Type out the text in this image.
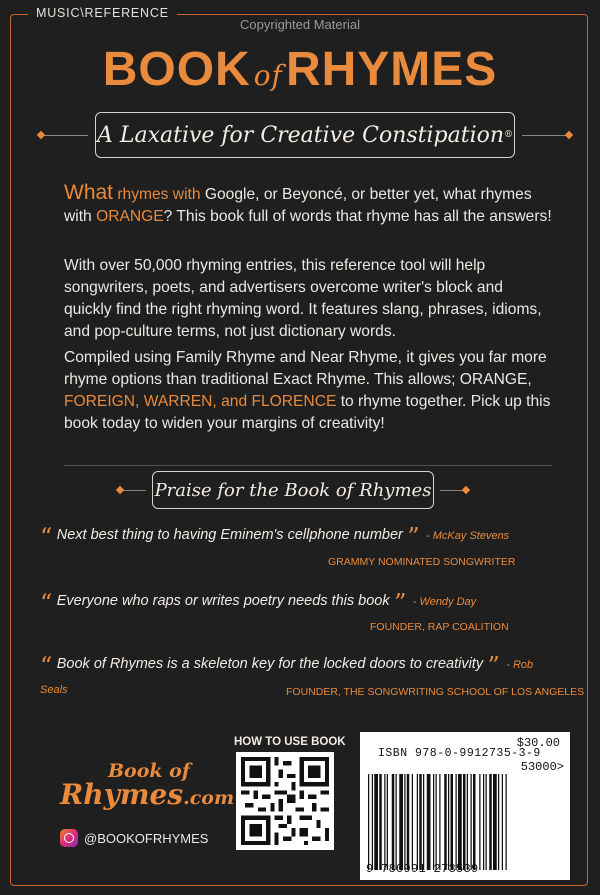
MUSIC\REFERENCE
Copyrighted Material
BOOK ofRHYMES
A Laxative for Creative Constipation ®
What rhymes with Google, or Beyoncé, or better yet, what rhymes with ORANGE? This book full of words that rhyme has all the answers!
With over 50,000 rhyming entries, this reference tool will help songwriters, poets, and advertisers overcome writer's block and quickly find the right rhyming word. It features slang, phrases, idioms, and pop-culture terms, not just dictionary words.
Compiled using Family Rhyme and Near Rhyme, it gives you far more rhyme options than traditional Exact Rhyme. This allows; ORANGE, FOREIGN, WARREN, and FLORENCE to rhyme together. Pick up this book today to widen your margins of creativity!
Praise for the Book of Rhymes
“ Next best thing to having Eminem's cellphone number ” - McKay Stevens
GRAMMY NOMINATED SONGWRITER
“ Everyone who raps or writes poetry needs this book ” - Wendy Day
FOUNDER, RAP COALITION
“ Book of Rhymes is a skeleton key for the locked doors to creativity ” - Rob Seals	FOUNDER, THE SONGWRITING SCHOOL OF LOS ANGELES
Book of
Rhymes.com
@BOOKOFRHYMES
HOW TO USE BOOK	$30.00
ISBN 978-0-9912735-3-9
53000>
9 780991 273539
